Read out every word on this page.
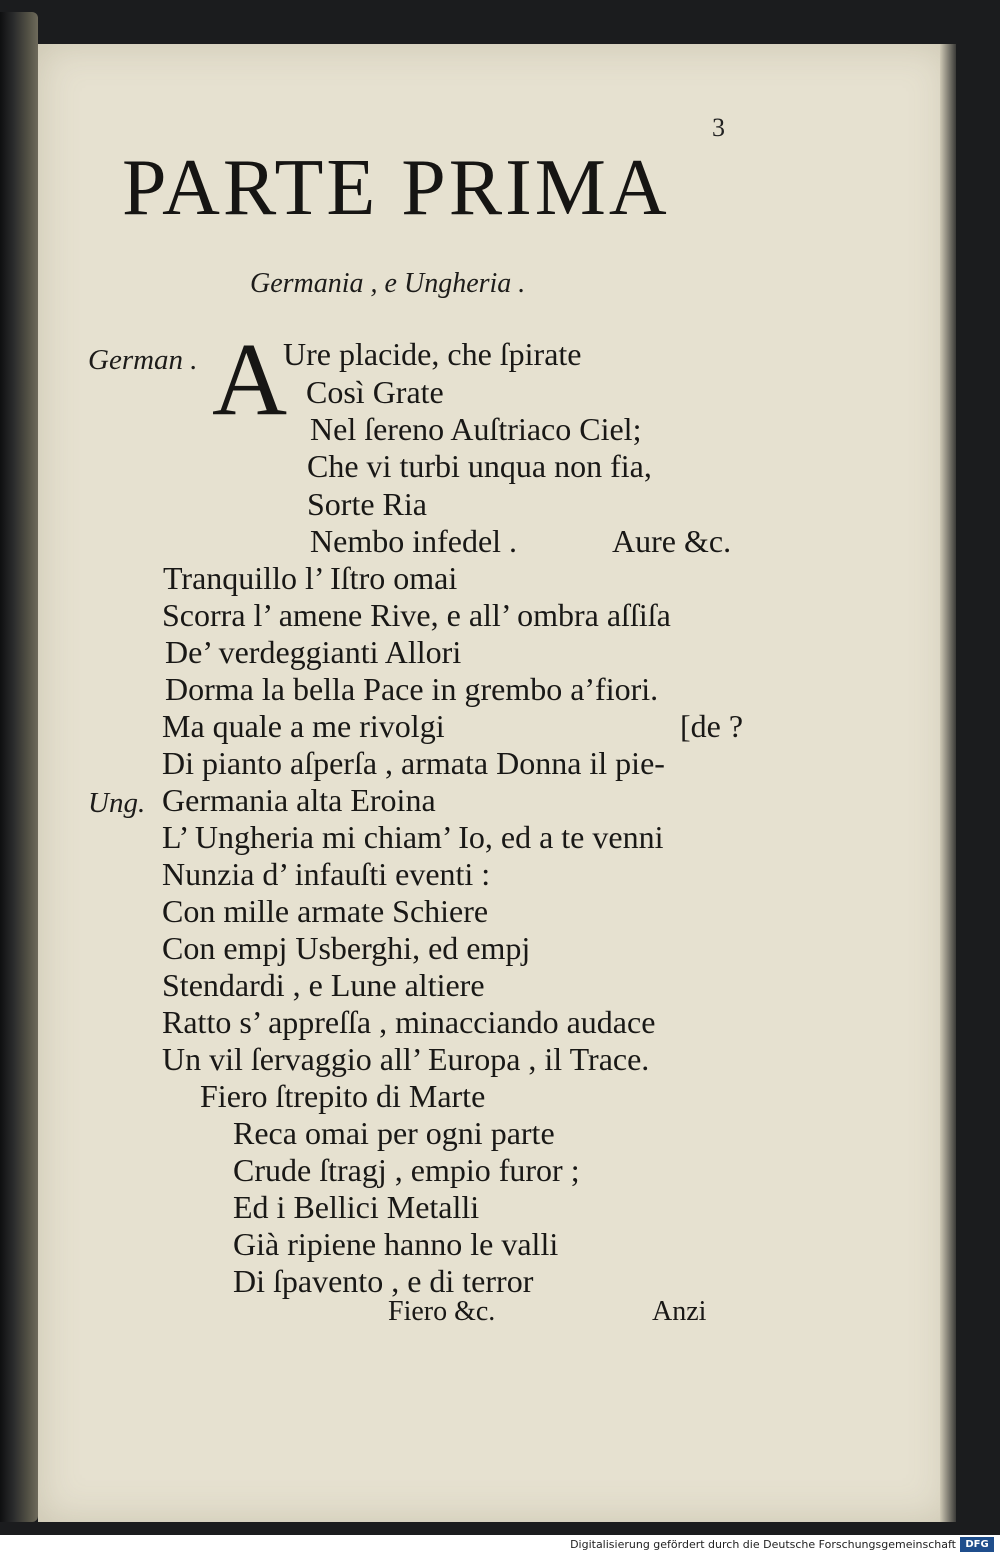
3
PARTE PRIMA
Germania , e Ungheria .
German . A
Ure placide, che ſpirate
Così Grate
Nel ſereno Auſtriaco Ciel;
Che vi turbi unqua non fia,
Sorte Ria
Nembo infedel .	Aure &c.
Tranquillo l’ Iſtro omai
Scorra l’ amene Rive, e all’ ombra aſſiſa
De’ verdeggianti Allori
Dorma la bella Pace in grembo a’fiori.
Ma quale a me rivolgi	[de ?
Di pianto aſperſa , armata Donna il pie-
Ung. Germania alta Eroina
L’ Ungheria mi chiam’ Io, ed a te venni
Nunzia d’ infauſti eventi :
Con mille armate Schiere
Con empj Usberghi, ed empj
Stendardi , e Lune altiere
Ratto s’ appreſſa , minacciando audace
Un vil ſervaggio all’ Europa , il Trace.
Fiero ſtrepito di Marte
Reca omai per ogni parte
Crude ſtragj , empio furor ;
Ed i Bellici Metalli
Già ripiene hanno le valli
Di ſpavento , e di terror
Fiero &c.	Anzi
Digitalisierung gefördert durch die Deutsche Forschungsgemeinschaft DFG
